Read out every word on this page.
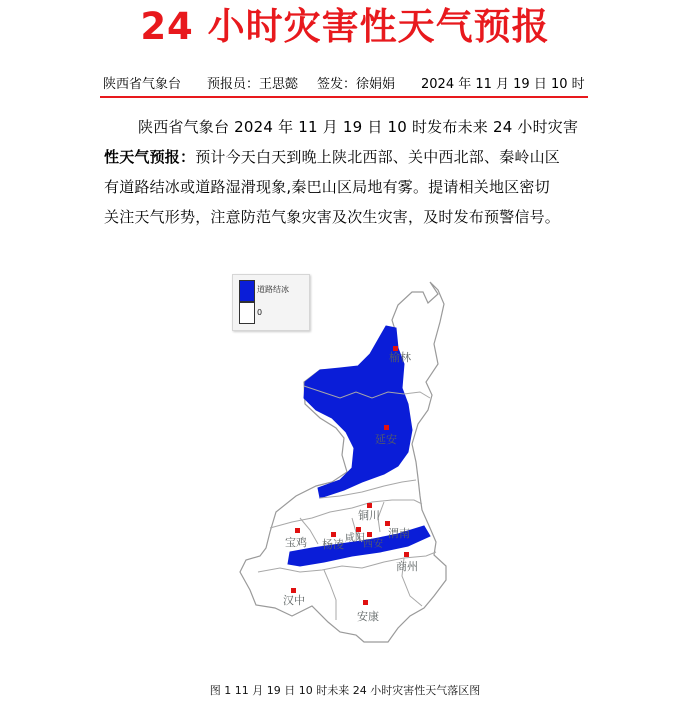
24 小时灾害性天气预报
陕西省气象台 预报员：王思懿 签发：徐娟娟 2024 年 11 月 19 日 10 时
陕西省气象台 2024 年 11 月 19 日 10 时发布未来 24 小时灾害
性天气预报：预计今天白天到晚上陕北西部、关中西北部、秦岭山区
有道路结冰或道路湿滑现象,秦巴山区局地有雾。提请相关地区密切
关注天气形势，注意防范气象灾害及次生灾害，及时发布预警信号。
榆林
延安
铜川
渭南
宝鸡 杨凌 咸阳
西安
商州
汉中
安康
道路结冰
0
图 1 11 月 19 日 10 时未来 24 小时灾害性天气落区图
